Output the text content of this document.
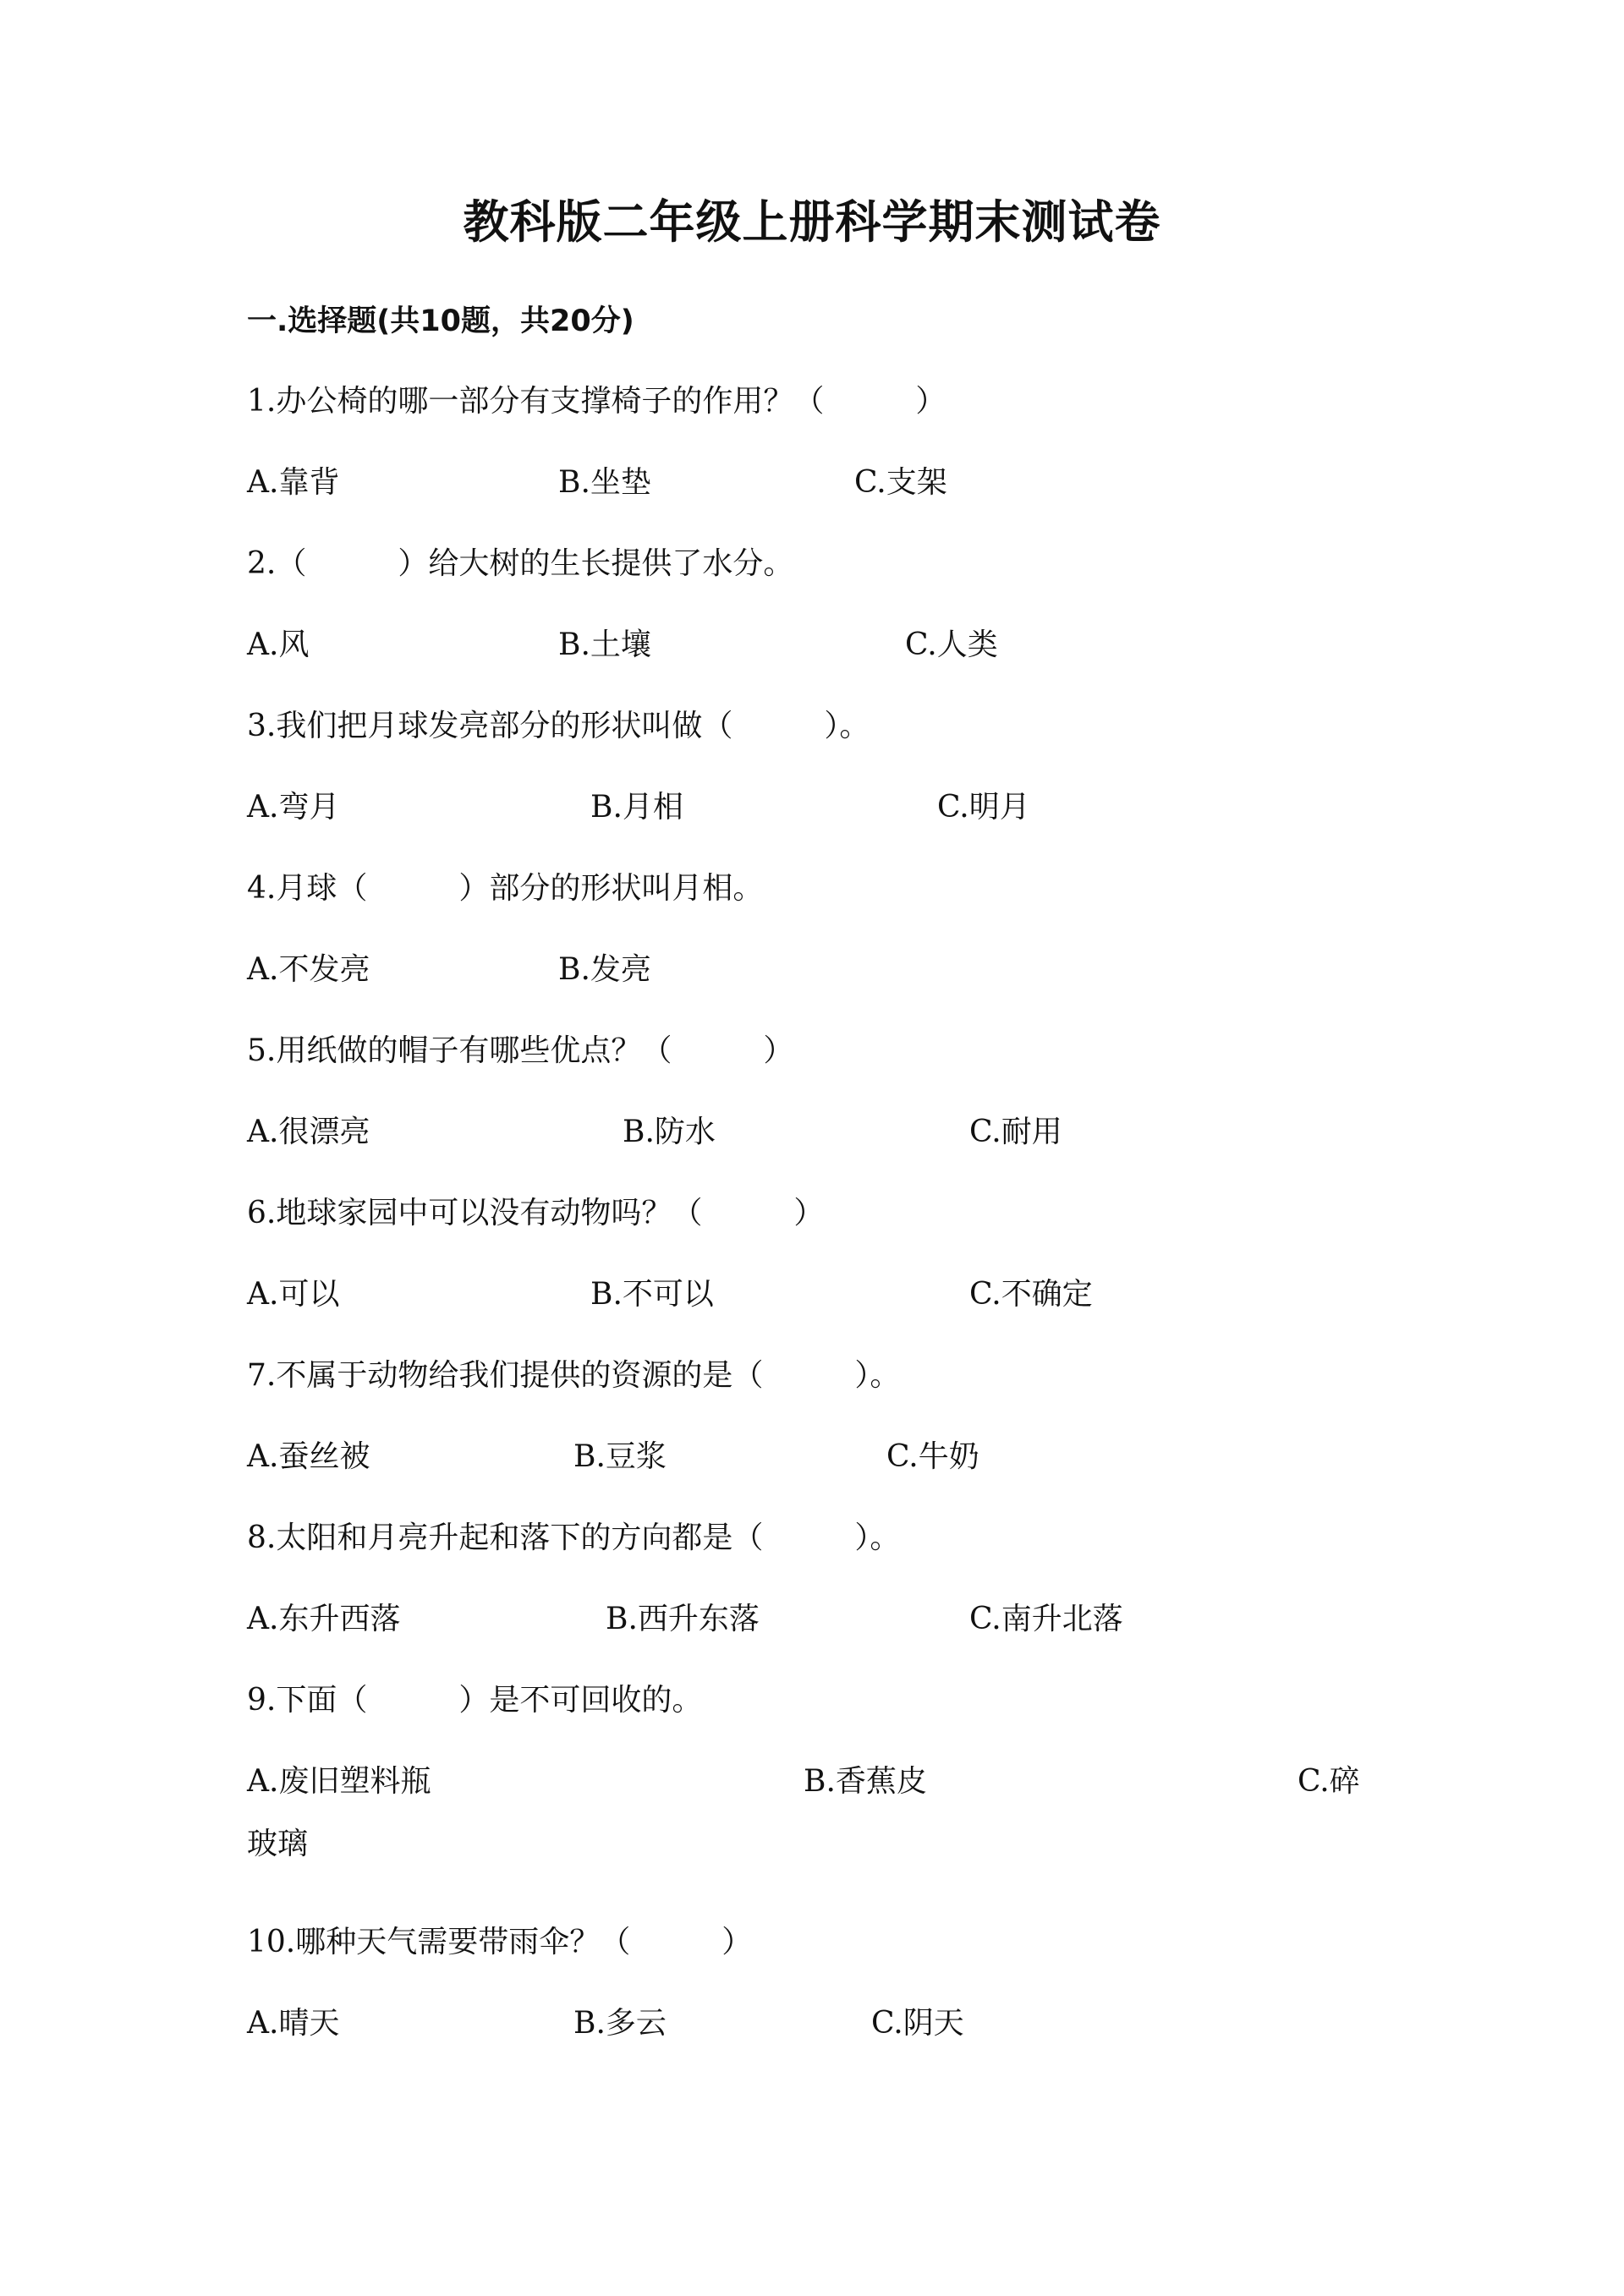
教科版二年级上册科学期末测试卷
一.选择题(共10题，共20分)
1.办公椅的哪一部分有支撑椅子的作用？（　　　）
A.靠背	B.坐垫	C.支架
2.（　　　）给大树的生长提供了水分。
A.风	B.土壤	C.人类
3.我们把月球发亮部分的形状叫做（　　　）。
A.弯月	B.月相	C.明月
4.月球（　　　）部分的形状叫月相。
A.不发亮	B.发亮
5.用纸做的帽子有哪些优点？（　　　）
A.很漂亮	B.防水	C.耐用
6.地球家园中可以没有动物吗？（　　　）
A.可以	B.不可以	C.不确定
7.不属于动物给我们提供的资源的是（　　　）。
A.蚕丝被	B.豆浆	C.牛奶
8.太阳和月亮升起和落下的方向都是（　　　）。
A.东升西落	B.西升东落	C.南升北落
9.下面（　　　）是不可回收的。
A.废旧塑料瓶	B.香蕉皮	C.碎
玻璃
10.哪种天气需要带雨伞？（　　　）
A.晴天	B.多云	C.阴天
